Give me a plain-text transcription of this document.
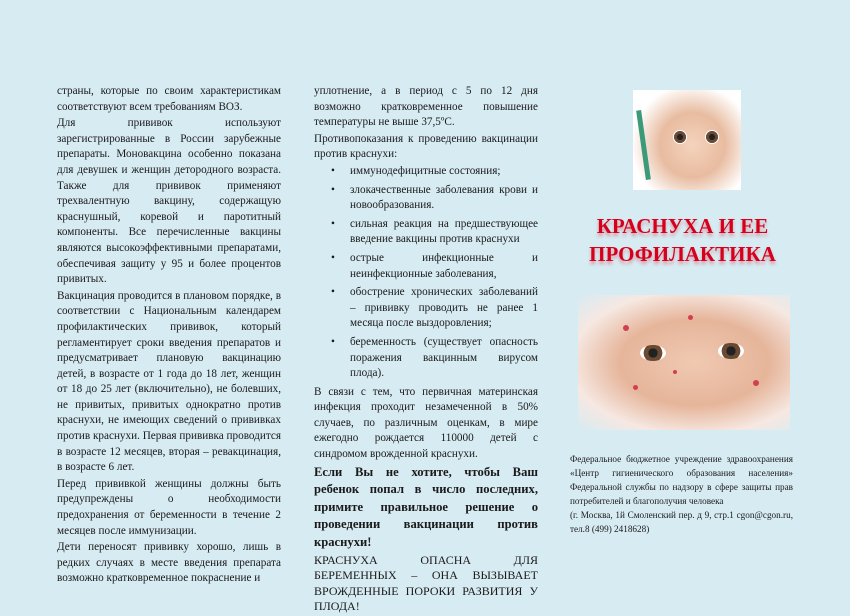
страны, которые по своим характеристикам соответствуют всем требованиям ВОЗ.

Для прививок используют зарегистрированные в России зарубежные препараты. Моновакцина особенно показана для девушек и женщин детородного возраста. Также для прививок применяют трехвалентную вакцину, содержащую краснушный, коревой и паротитный компоненты. Все перечисленные вакцины являются высокоэффективными препаратами, обеспечивая защиту у 95 и более процентов привитых.

Вакцинация проводится в плановом порядке, в соответствии с Национальным календарем профилактических прививок, который регламентирует сроки введения препаратов и предусматривает плановую вакцинацию детей, в возрасте от 1 года до 18 лет, женщин от 18 до 25 лет (включительно), не болевших, не привитых, привитых однократно против краснухи, не имеющих сведений о прививках против краснухи. Первая прививка проводится в возрасте 12 месяцев, вторая – ревакцинация, в возрасте 6 лет.

Перед прививкой женщины должны быть предупреждены о необходимости предохранения от беременности в течение 2 месяцев после иммунизации.

Дети переносят прививку хорошо, лишь в редких случаях в месте введения препарата возможно кратковременное покраснение и

уплотнение, а в период с 5 по 12 дня возможно кратковременное повышение температуры не выше 37,5ºС.

Противопоказания к проведению вакцинации против краснухи:

• иммунодефицитные состояния;
• злокачественные заболевания крови и новообразования.
• сильная реакция на предшествующее введение вакцины против краснухи
• острые инфекционные и неинфекционные заболевания,
• обострение хронических заболеваний – прививку проводить не ранее 1 месяца после выздоровления;
• беременность (существует опасность поражения вакцинным вирусом плода).

В связи с тем, что первичная материнская инфекция проходит незамеченной в 50% случаев, по различным оценкам, в мире ежегодно рождается 110000 детей с синдромом врожденной краснухи.

Если Вы не хотите, чтобы Ваш ребенок попал в число последних, примите правильное решение о проведении вакцинации против краснухи!

КРАСНУХА ОПАСНА ДЛЯ БЕРЕМЕННЫХ – ОНА ВЫЗЫВАЕТ ВРОЖДЕННЫЕ ПОРОКИ РАЗВИТИЯ У ПЛОДА!

КРАСНУХА И ЕЕ
ПРОФИЛАКТИКА

Федеральное бюджетное учреждение здравоохранения «Центр гигиенического образования населения» Федеральной службы по надзору в сфере защиты прав потребителей и благополучия человека

(г. Москва, 1й Смоленский пер. д 9, стр.1 cgon@cgon.ru, тел.8 (499) 2418628)
